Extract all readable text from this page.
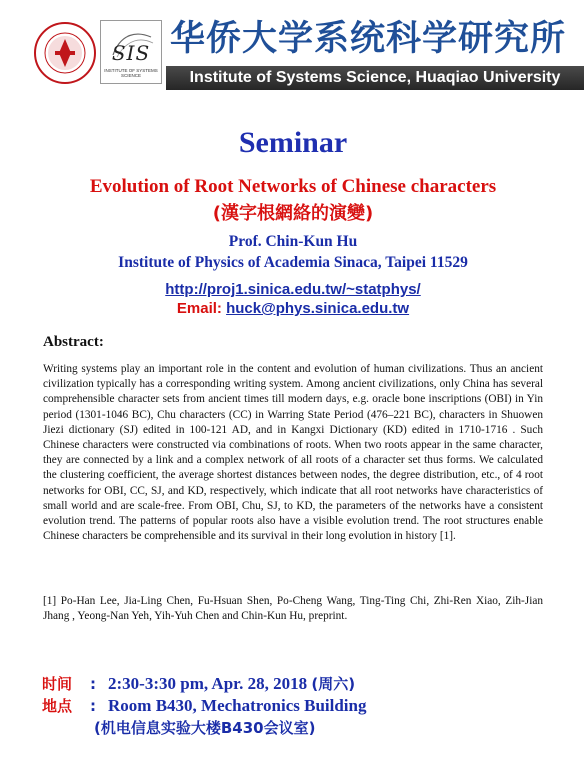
SIS
INSTITUTE OF SYSTEMS SCIENCE
华侨大学系统科学研究所
Institute of Systems Science, Huaqiao University
Seminar
Evolution of Root Networks of Chinese characters
(漢字根網絡的演變)
Prof. Chin-Kun Hu
Institute of Physics of Academia Sinaca, Taipei 11529
http://proj1.sinica.edu.tw/~statphys/
Email: huck@phys.sinica.edu.tw
Abstract:
Writing systems play an important role in the content and evolution of human civilizations. Thus an ancient civilization typically has a corresponding writing system. Among ancient civilizations, only China has several comprehensible character sets from ancient times till modern days, e.g. oracle bone inscriptions (OBI) in Yin period (1301-1046 BC), Chu characters (CC) in Warring State Period (476–221 BC), characters in Shuowen Jiezi dictionary (SJ) edited in 100-121 AD, and in Kangxi Dictionary (KD) edited in 1710-1716 . Such Chinese characters were constructed via combinations of roots. When two roots appear in the same character, they are connected by a link and a complex network of all roots of a character set thus forms. We calculated the clustering coefficient, the average shortest distances between nodes, the degree distribution, etc., of 4 root networks for OBI, CC, SJ, and KD, respectively, which indicate that all root networks have characteristics of small world and are scale-free. From OBI, Chu, SJ, to KD, the parameters of the networks have a consistent evolution trend. The patterns of popular roots also have a visible evolution trend. The root structures enable Chinese characters be comprehensible and its survival in their long evolution in history [1].
[1] Po-Han Lee, Jia-Ling Chen, Fu-Hsuan Shen, Po-Cheng Wang, Ting-Ting Chi, Zhi-Ren Xiao, Zih-Jian Jhang , Yeong-Nan Yeh, Yih-Yuh Chen and Chin-Kun Hu, preprint.
时间 : 2:30-3:30 pm, Apr. 28, 2018 (周六)
地点 : Room B430, Mechatronics Building
(机电信息实验大楼B430会议室)
